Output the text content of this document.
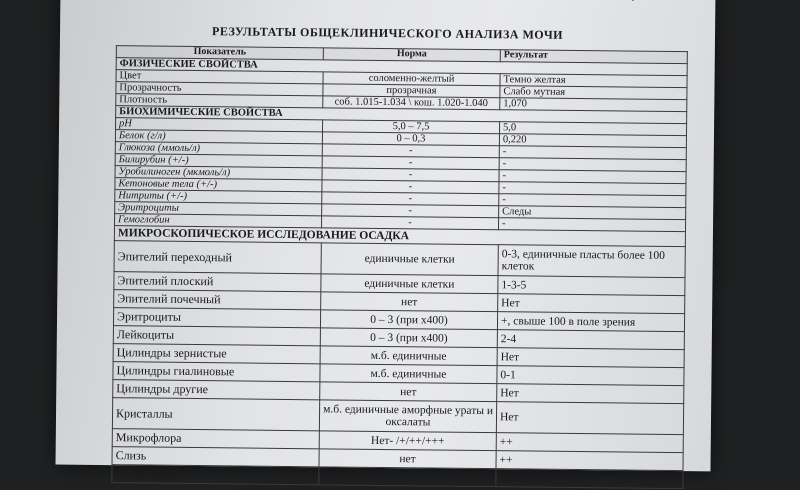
РЕЗУЛЬТАТЫ ОБЩЕКЛИНИЧЕСКОГО АНАЛИЗА МОЧИ
Показатель	Норма	Результат
ФИЗИЧЕСКИЕ СВОЙСТВА		
Цвет	соломенно-желтый	Темно желтая
Прозрачность	прозрачная	Слабо мутная
Плотность	соб. 1.015-1.034 \ кош. 1.020-1.040	1,070
БИОХИМИЧЕСКИЕ СВОЙСТВА		
pH	5,0 – 7,5	5,0
Белок (г/л)	0 – 0,3	0,220
Глюкоза (ммоль/л)	-	-
Билирубин (+/-)	-	-
Уробилиноген (мкмоль/л)	-	-
Кетоновые тела (+/-)	-	-
Нитриты (+/-)	-	-
Эритроциты	-	Следы
Гемоглобин	-	-
МИКРОСКОПИЧЕСКОЕ ИССЛЕДОВАНИЕ ОСАДКА		
Эпителий переходный	единичные клетки	0-3, единичные пласты более 100 клеток
Эпителий плоский	единичные клетки	1-3-5
Эпителий почечный	нет	Нет
Эритроциты	0 – 3 (при х400)	+, свыше 100 в поле зрения
Лейкоциты	0 – 3 (при х400)	2-4
Цилиндры зернистые	м.б. единичные	Нет
Цилиндры гиалиновые	м.б. единичные	0-1
Цилиндры другие	нет	Нет
Кристаллы	м.б. единичные аморфные ураты и оксалаты	Нет
Микрофлора	Нет- /+/++/+++	++
Слизь	нет	++
Капли жира		Единично
